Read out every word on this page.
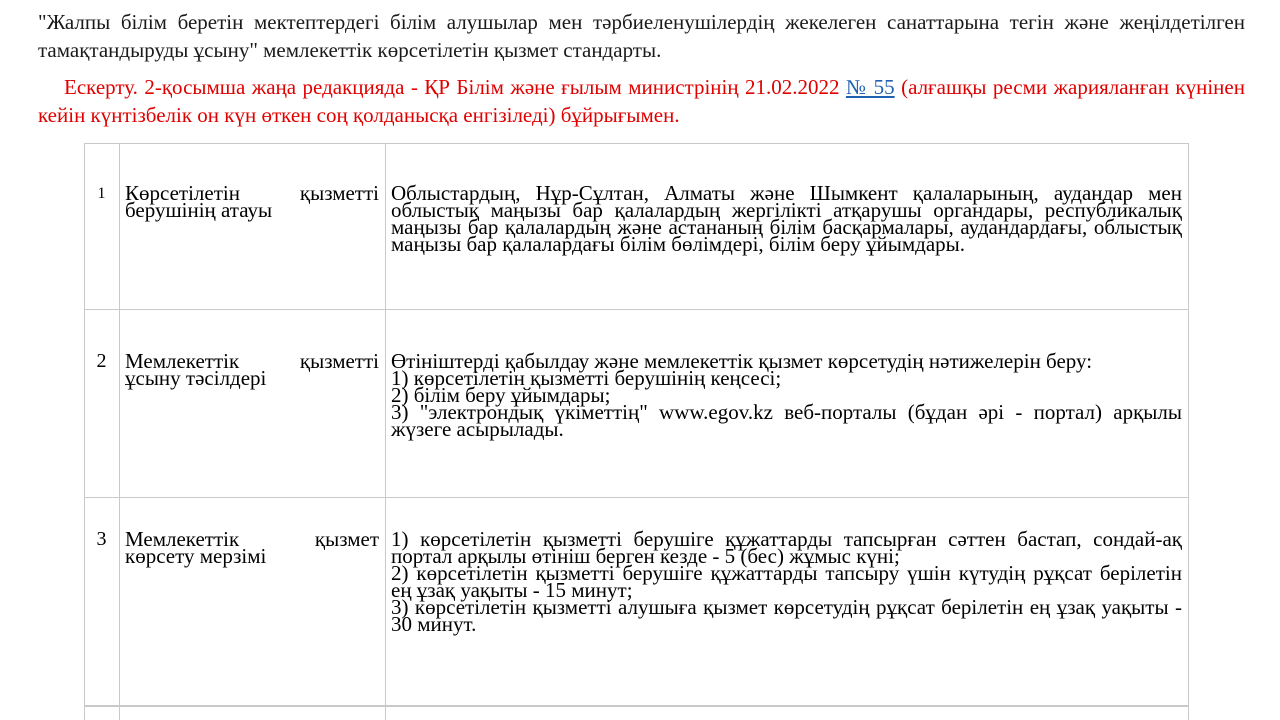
"Жалпы білім беретін мектептердегі білім алушылар мен тәрбиеленушілердің жекелеген санаттарына тегін және жеңілдетілген тамақтандыруды ұсыну" мемлекеттік көрсетілетін қызмет стандарты.

Ескерту. 2-қосымша жаңа редакцияда - ҚР Білім және ғылым министрінің 21.02.2022 № 55 (алғашқы ресми жарияланған күнінен кейін күнтізбелік он күн өткен соң қолданысқа енгізіледі) бұйрығымен.

1	Көрсетілетін қызметті берушінің атауы	Облыстардың, Нұр-Сұлтан, Алматы және Шымкент қалаларының, аудандар мен облыстық маңызы бар қалалардың жергілікті атқарушы органдары, республикалық маңызы бар қалалардың және астананың білім басқармалары, аудандардағы, облыстық маңызы бар қалалардағы білім бөлімдері, білім беру ұйымдары.

2	Мемлекеттік қызметті ұсыну тәсілдері	Өтініштерді қабылдау және мемлекеттік қызмет көрсетудің нәтижелерін беру:
1) көрсетілетін қызметті берушінің кеңсесі;
2) білім беру ұйымдары;
3) "электрондық үкіметтің" www.egov.kz веб-порталы (бұдан әрі - портал) арқылы жүзеге асырылады.

3	Мемлекеттік қызмет көрсету мерзімі	1) көрсетілетін қызметті берушіге құжаттарды тапсырған сәттен бастап, сондай-ақ портал арқылы өтініш берген кезде - 5 (бес) жұмыс күні;
2) көрсетілетін қызметті берушіге құжаттарды тапсыру үшін күтудің рұқсат берілетін ең ұзақ уақыты - 15 минут;
3) көрсетілетін қызметті алушыға қызмет көрсетудің рұқсат берілетін ең ұзақ уақыты - 30 минут.
